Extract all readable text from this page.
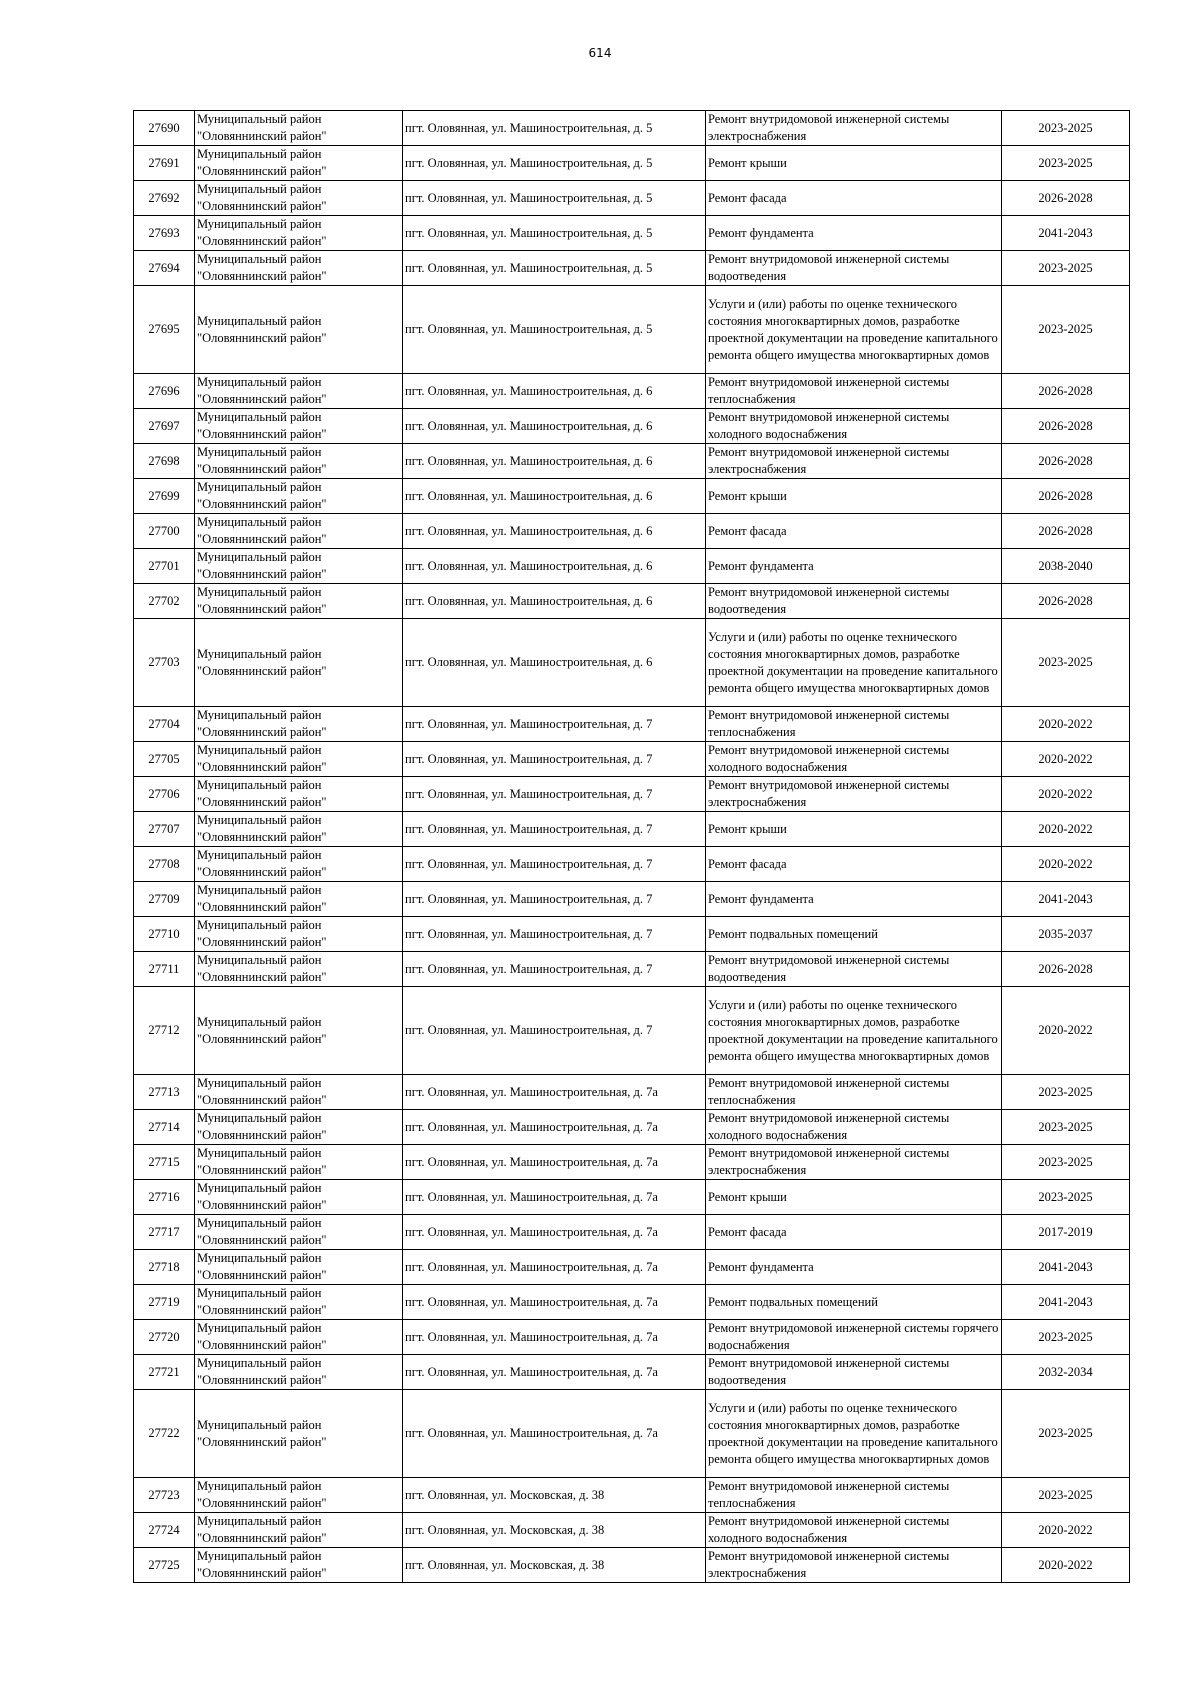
614
27690	Муниципальный район "Оловяннинский район"	пгт. Оловянная, ул. Машиностроительная, д. 5	Ремонт внутридомовой инженерной системы электроснабжения	2023-2025
27691	Муниципальный район "Оловяннинский район"	пгт. Оловянная, ул. Машиностроительная, д. 5	Ремонт крыши	2023-2025
27692	Муниципальный район "Оловяннинский район"	пгт. Оловянная, ул. Машиностроительная, д. 5	Ремонт фасада	2026-2028
27693	Муниципальный район "Оловяннинский район"	пгт. Оловянная, ул. Машиностроительная, д. 5	Ремонт фундамента	2041-2043
27694	Муниципальный район "Оловяннинский район"	пгт. Оловянная, ул. Машиностроительная, д. 5	Ремонт внутридомовой инженерной системы водоотведения	2023-2025
27695	Муниципальный район "Оловяннинский район"	пгт. Оловянная, ул. Машиностроительная, д. 5	Услуги и (или) работы по оценке технического состояния многоквартирных домов, разработке проектной документации на проведение капитального ремонта общего имущества многоквартирных домов	2023-2025
27696	Муниципальный район "Оловяннинский район"	пгт. Оловянная, ул. Машиностроительная, д. 6	Ремонт внутридомовой инженерной системы теплоснабжения	2026-2028
27697	Муниципальный район "Оловяннинский район"	пгт. Оловянная, ул. Машиностроительная, д. 6	Ремонт внутридомовой инженерной системы холодного водоснабжения	2026-2028
27698	Муниципальный район "Оловяннинский район"	пгт. Оловянная, ул. Машиностроительная, д. 6	Ремонт внутридомовой инженерной системы электроснабжения	2026-2028
27699	Муниципальный район "Оловяннинский район"	пгт. Оловянная, ул. Машиностроительная, д. 6	Ремонт крыши	2026-2028
27700	Муниципальный район "Оловяннинский район"	пгт. Оловянная, ул. Машиностроительная, д. 6	Ремонт фасада	2026-2028
27701	Муниципальный район "Оловяннинский район"	пгт. Оловянная, ул. Машиностроительная, д. 6	Ремонт фундамента	2038-2040
27702	Муниципальный район "Оловяннинский район"	пгт. Оловянная, ул. Машиностроительная, д. 6	Ремонт внутридомовой инженерной системы водоотведения	2026-2028
27703	Муниципальный район "Оловяннинский район"	пгт. Оловянная, ул. Машиностроительная, д. 6	Услуги и (или) работы по оценке технического состояния многоквартирных домов, разработке проектной документации на проведение капитального ремонта общего имущества многоквартирных домов	2023-2025
27704	Муниципальный район "Оловяннинский район"	пгт. Оловянная, ул. Машиностроительная, д. 7	Ремонт внутридомовой инженерной системы теплоснабжения	2020-2022
27705	Муниципальный район "Оловяннинский район"	пгт. Оловянная, ул. Машиностроительная, д. 7	Ремонт внутридомовой инженерной системы холодного водоснабжения	2020-2022
27706	Муниципальный район "Оловяннинский район"	пгт. Оловянная, ул. Машиностроительная, д. 7	Ремонт внутридомовой инженерной системы электроснабжения	2020-2022
27707	Муниципальный район "Оловяннинский район"	пгт. Оловянная, ул. Машиностроительная, д. 7	Ремонт крыши	2020-2022
27708	Муниципальный район "Оловяннинский район"	пгт. Оловянная, ул. Машиностроительная, д. 7	Ремонт фасада	2020-2022
27709	Муниципальный район "Оловяннинский район"	пгт. Оловянная, ул. Машиностроительная, д. 7	Ремонт фундамента	2041-2043
27710	Муниципальный район "Оловяннинский район"	пгт. Оловянная, ул. Машиностроительная, д. 7	Ремонт подвальных помещений	2035-2037
27711	Муниципальный район "Оловяннинский район"	пгт. Оловянная, ул. Машиностроительная, д. 7	Ремонт внутридомовой инженерной системы водоотведения	2026-2028
27712	Муниципальный район "Оловяннинский район"	пгт. Оловянная, ул. Машиностроительная, д. 7	Услуги и (или) работы по оценке технического состояния многоквартирных домов, разработке проектной документации на проведение капитального ремонта общего имущества многоквартирных домов	2020-2022
27713	Муниципальный район "Оловяннинский район"	пгт. Оловянная, ул. Машиностроительная, д. 7а	Ремонт внутридомовой инженерной системы теплоснабжения	2023-2025
27714	Муниципальный район "Оловяннинский район"	пгт. Оловянная, ул. Машиностроительная, д. 7а	Ремонт внутридомовой инженерной системы холодного водоснабжения	2023-2025
27715	Муниципальный район "Оловяннинский район"	пгт. Оловянная, ул. Машиностроительная, д. 7а	Ремонт внутридомовой инженерной системы электроснабжения	2023-2025
27716	Муниципальный район "Оловяннинский район"	пгт. Оловянная, ул. Машиностроительная, д. 7а	Ремонт крыши	2023-2025
27717	Муниципальный район "Оловяннинский район"	пгт. Оловянная, ул. Машиностроительная, д. 7а	Ремонт фасада	2017-2019
27718	Муниципальный район "Оловяннинский район"	пгт. Оловянная, ул. Машиностроительная, д. 7а	Ремонт фундамента	2041-2043
27719	Муниципальный район "Оловяннинский район"	пгт. Оловянная, ул. Машиностроительная, д. 7а	Ремонт подвальных помещений	2041-2043
27720	Муниципальный район "Оловяннинский район"	пгт. Оловянная, ул. Машиностроительная, д. 7а	Ремонт внутридомовой инженерной системы горячего водоснабжения	2023-2025
27721	Муниципальный район "Оловяннинский район"	пгт. Оловянная, ул. Машиностроительная, д. 7а	Ремонт внутридомовой инженерной системы водоотведения	2032-2034
27722	Муниципальный район "Оловяннинский район"	пгт. Оловянная, ул. Машиностроительная, д. 7а	Услуги и (или) работы по оценке технического состояния многоквартирных домов, разработке проектной документации на проведение капитального ремонта общего имущества многоквартирных домов	2023-2025
27723	Муниципальный район "Оловяннинский район"	пгт. Оловянная, ул. Московская, д. 38	Ремонт внутридомовой инженерной системы теплоснабжения	2023-2025
27724	Муниципальный район "Оловяннинский район"	пгт. Оловянная, ул. Московская, д. 38	Ремонт внутридомовой инженерной системы холодного водоснабжения	2020-2022
27725	Муниципальный район "Оловяннинский район"	пгт. Оловянная, ул. Московская, д. 38	Ремонт внутридомовой инженерной системы электроснабжения	2020-2022
